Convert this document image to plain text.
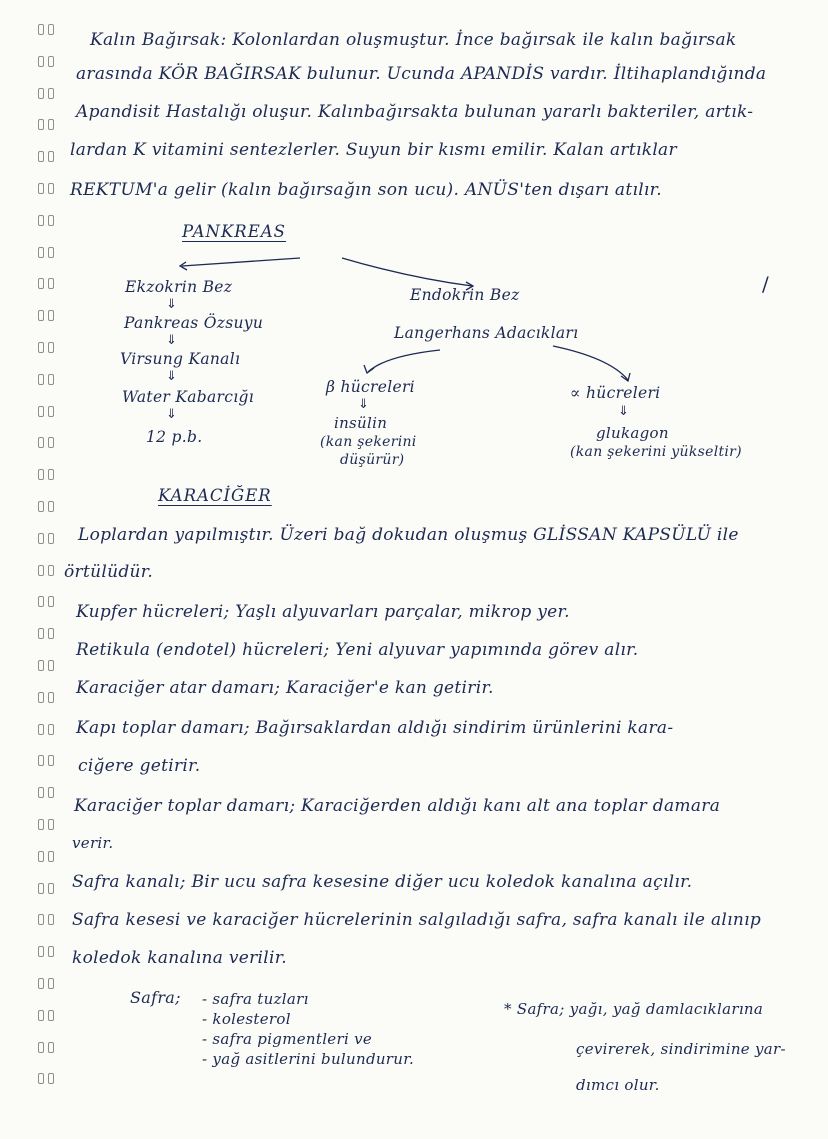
Kalın Bağırsak: Kolonlardan oluşmuştur. İnce bağırsak ile kalın bağırsak
arasında KÖR BAĞIRSAK bulunur. Ucunda APANDİS vardır. İltihaplandığında
Apandisit Hastalığı oluşur. Kalınbağırsakta bulunan yararlı bakteriler, artık-
lardan K vitamini sentezlerler. Suyun bir kısmı emilir. Kalan artıklar
REKTUM'a gelir (kalın bağırsağın son ucu). ANÜS'ten dışarı atılır.
PANKREAS
Ekzokrin Bez
⇓
Pankreas Özsuyu
⇓
Virsung Kanalı
⇓
Water Kabarcığı
⇓
12 p.b.
Endokrin Bez
Langerhans Adacıkları
/
β hücreleri
⇓
insülin
(kan şekerini
düşürür)
∝ hücreleri
⇓
glukagon
(kan şekerini yükseltir)
KARACİĞER
Loplardan yapılmıştır. Üzeri bağ dokudan oluşmuş GLİSSAN KAPSÜLÜ ile
örtülüdür.
Kupfer hücreleri; Yaşlı alyuvarları parçalar, mikrop yer.
Retikula (endotel) hücreleri; Yeni alyuvar yapımında görev alır.
Karaciğer atar damarı; Karaciğer'e kan getirir.
Kapı toplar damarı; Bağırsaklardan aldığı sindirim ürünlerini kara-
ciğere getirir.
Karaciğer toplar damarı; Karaciğerden aldığı kanı alt ana toplar damara
verir.
Safra kanalı; Bir ucu safra kesesine diğer ucu koledok kanalına açılır.
Safra kesesi ve karaciğer hücrelerinin salgıladığı safra, safra kanalı ile alınıp
koledok kanalına verilir.
Safra; - safra tuzları
- kolesterol
- safra pigmentleri ve
- yağ asitlerini bulundurur.
* Safra; yağı, yağ damlacıklarına
çevirerek, sindirimine yar-
dımcı olur.
